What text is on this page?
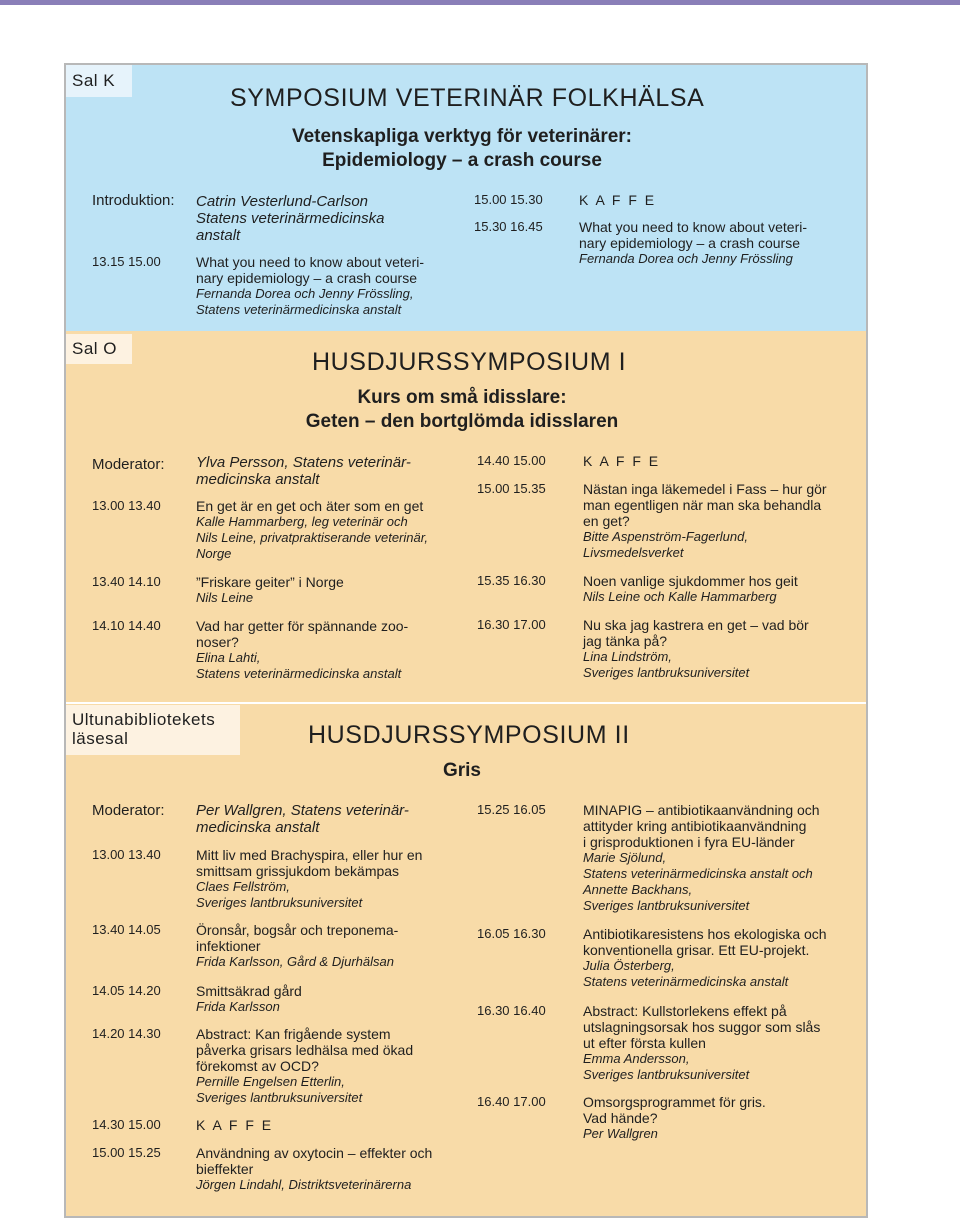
Sal K
Sal O
Ultunabibliotekets
läsesal
SYMPOSIUM VETERINÄR FOLKHÄLSA
Vetenskapliga verktyg för veterinärer:
Epidemiology – a crash course
Introduktion: Catrin Vesterlund-Carlson
Statens veterinärmedicinska
anstalt
13.15 15.00	What you need to know about veteri-
nary epidemiology – a crash course
Fernanda Dorea och Jenny Frössling,
Statens veterinärmedicinska anstalt
15.00 15.30	K A F F E
15.30 16.45	What you need to know about veteri-
nary epidemiology – a crash course
Fernanda Dorea och Jenny Frössling
HUSDJURSSYMPOSIUM I
Kurs om små idisslare:
Geten – den bortglömda idisslaren
Moderator: Ylva Persson, Statens veterinär-
medicinska anstalt
13.00 13.40	En get är en get och äter som en get
Kalle Hammarberg, leg veterinär och
Nils Leine, privatpraktiserande veterinär,
Norge
13.40 14.10	”Friskare geiter” i Norge
Nils Leine
14.10 14.40	Vad har getter för spännande zoo-
noser?
Elina Lahti,
Statens veterinärmedicinska anstalt
14.40 15.00	K A F F E
15.00 15.35	Nästan inga läkemedel i Fass – hur gör
man egentligen när man ska behandla
en get?
Bitte Aspenström-Fagerlund,
Livsmedelsverket
15.35 16.30	Noen vanlige sjukdommer hos geit
Nils Leine och Kalle Hammarberg
16.30 17.00	Nu ska jag kastrera en get – vad bör
jag tänka på?
Lina Lindström,
Sveriges lantbruksuniversitet
HUSDJURSSYMPOSIUM II
Gris
Moderator: Per Wallgren, Statens veterinär-
medicinska anstalt
13.00 13.40	Mitt liv med Brachyspira, eller hur en
smittsam grissjukdom bekämpas
Claes Fellström,
Sveriges lantbruksuniversitet
13.40 14.05	Öronsår, bogsår och treponema-
infektioner
Frida Karlsson, Gård & Djurhälsan
14.05 14.20	Smittsäkrad gård
Frida Karlsson
14.20 14.30	Abstract: Kan frigående system
påverka grisars ledhälsa med ökad
förekomst av OCD?
Pernille Engelsen Etterlin,
Sveriges lantbruksuniversitet
14.30 15.00	K A F F E
15.00 15.25	Användning av oxytocin – effekter och
bieffekter
Jörgen Lindahl, Distriktsveterinärerna
15.25 16.05	MINAPIG – antibiotikaanvändning och
attityder kring antibiotikaanvändning
i grisproduktionen i fyra EU-länder
Marie Sjölund,
Statens veterinärmedicinska anstalt och
Annette Backhans,
Sveriges lantbruksuniversitet
16.05 16.30	Antibiotikaresistens hos ekologiska och
konventionella grisar. Ett EU-projekt.
Julia Österberg,
Statens veterinärmedicinska anstalt
16.30 16.40	Abstract: Kullstorlekens effekt på
utslagningsorsak hos suggor som slås
ut efter första kullen
Emma Andersson,
Sveriges lantbruksuniversitet
16.40 17.00	Omsorgsprogrammet för gris.
Vad hände?
Per Wallgren
